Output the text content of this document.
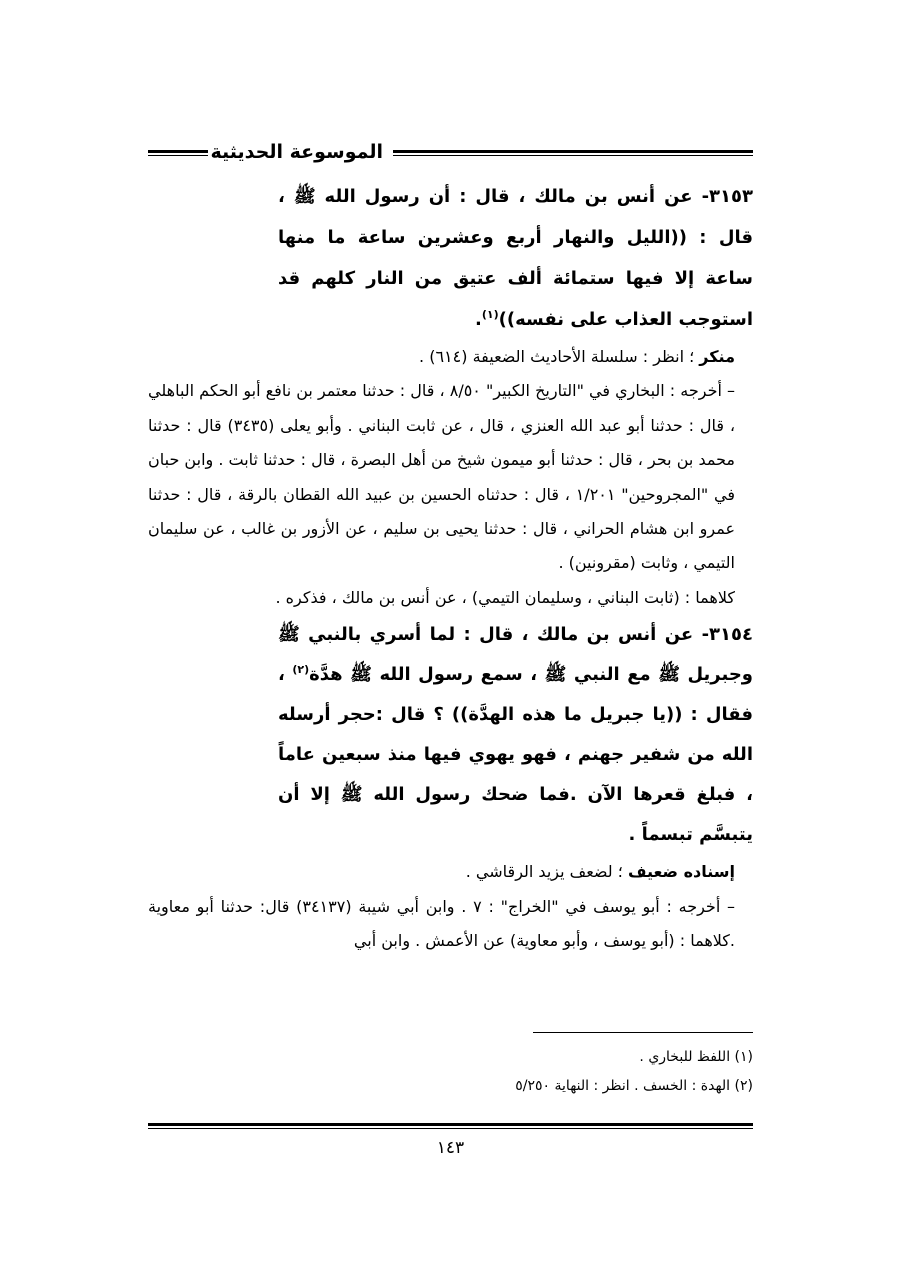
الموسوعة الحديثية

٣١٥٣- عن أنس بن مالك ، قال : أن رسول الله ﷺ ، قال : ((الليل والنهار أربع وعشرين ساعة ما منها ساعة إلا فيها ستمائة ألف عتيق من النار كلهم قد استوجب العذاب على نفسه))$^{(١)}$.

منكر ؛ انظر : سلسلة الأحاديث الضعيفة (٦١٤) .

– أخرجه : البخاري في "التاريخ الكبير" ٨/٥٠ ، قال : حدثنا معتمر بن نافع أبو الحكم الباهلي ، قال : حدثنا أبو عبد الله العنزي ، قال ، عن ثابت البناني . وأبو يعلى (٣٤٣٥) قال : حدثنا محمد بن بحر ، قال : حدثنا أبو ميمون شيخ من أهل البصرة ، قال : حدثنا ثابت . وابن حبان في "المجروحين" ١/٢٠١ ، قال : حدثناه الحسين بن عبيد الله القطان بالرقة ، قال : حدثنا عمرو ابن هشام الحراني ، قال : حدثنا يحيى بن سليم ، عن الأزور بن غالب ، عن سليمان التيمي ، وثابت (مقرونين) .

كلاهما : (ثابت البناني ، وسليمان التيمي) ، عن أنس بن مالك ، فذكره .

٣١٥٤- عن أنس بن مالك ، قال : لما أسري بالنبي ﷺ وجبريل ﷺ مع النبي ﷺ ، سمع رسول الله ﷺ هدَّة$^{(٢)}$ ، فقال : ((يا جبريل ما هذه الهدَّة)) ؟ قال :حجر أرسله الله من شفير جهنم ، فهو يهوي فيها منذ سبعين عاماً ، فبلغ قعرها الآن .فما ضحك رسول الله ﷺ إلا أن يتبسَّم تبسماً .

إسناده ضعيف ؛ لضعف يزيد الرقاشي .

– أخرجه : أبو يوسف في "الخراج" : ٧ . وابن أبي شيبة (٣٤١٣٧) قال: حدثنا أبو معاوية .كلاهما : (أبو يوسف ، وأبو معاوية) عن الأعمش . وابن أبي

(١) اللفظ للبخاري .

(٢) الهدة : الخسف . انظر : النهاية ٥/٢٥٠

١٤٣
